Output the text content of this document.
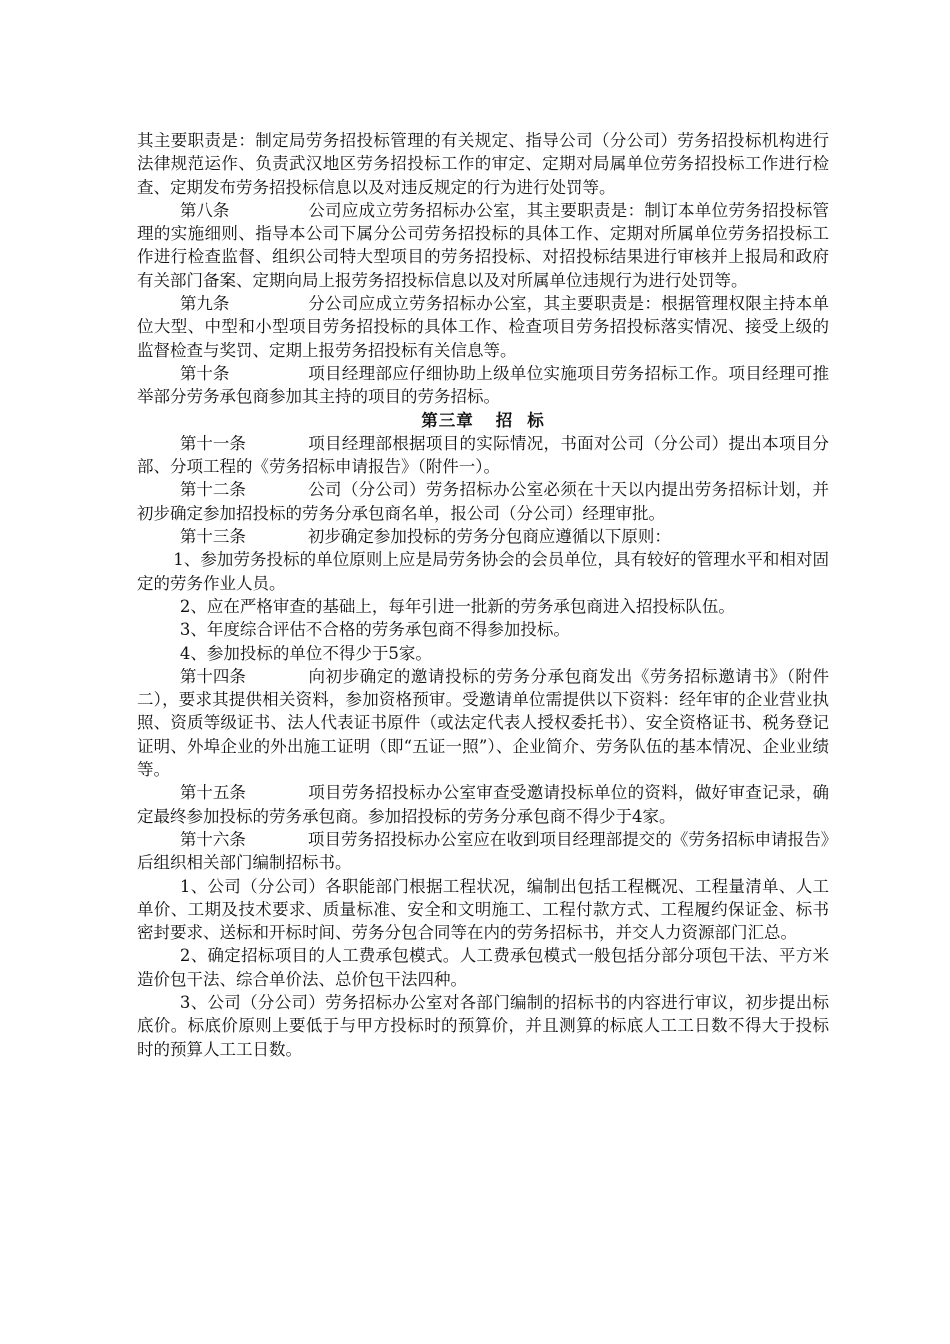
其主要职责是：制定局劳务招投标管理的有关规定、指导公司（分公司）劳务招投标机构进行法律规范运作、负责武汉地区劳务招投标工作的审定、定期对局属单位劳务招投标工作进行检查、定期发布劳务招投标信息以及对违反规定的行为进行处罚等。

第八条	公司应成立劳务招标办公室，其主要职责是：制订本单位劳务招投标管理的实施细则、指导本公司下属分公司劳务招投标的具体工作、定期对所属单位劳务招投标工作进行检查监督、组织公司特大型项目的劳务招投标、对招投标结果进行审核并上报局和政府有关部门备案、定期向局上报劳务招投标信息以及对所属单位违规行为进行处罚等。

第九条	分公司应成立劳务招标办公室，其主要职责是：根据管理权限主持本单位大型、中型和小型项目劳务招投标的具体工作、检查项目劳务招投标落实情况、接受上级的监督检查与奖罚、定期上报劳务招投标有关信息等。

第十条	项目经理部应仔细协助上级单位实施项目劳务招标工作。项目经理可推举部分劳务承包商参加其主持的项目的劳务招标。

第三章 招 标

第十一条	项目经理部根据项目的实际情况，书面对公司（分公司）提出本项目分部、分项工程的《劳务招标申请报告》（附件一）。

第十二条	公司（分公司）劳务招标办公室必须在十天以内提出劳务招标计划，并初步确定参加招投标的劳务分承包商名单，报公司（分公司）经理审批。

第十三条	初步确定参加投标的劳务分包商应遵循以下原则：

1、参加劳务投标的单位原则上应是局劳务协会的会员单位，具有较好的管理水平和相对固定的劳务作业人员。

2、应在严格审查的基础上，每年引进一批新的劳务承包商进入招投标队伍。

3、年度综合评估不合格的劳务承包商不得参加投标。

4、参加投标的单位不得少于5家。

第十四条	向初步确定的邀请投标的劳务分承包商发出《劳务招标邀请书》（附件二），要求其提供相关资料，参加资格预审。受邀请单位需提供以下资料：经年审的企业营业执照、资质等级证书、法人代表证书原件（或法定代表人授权委托书）、安全资格证书、税务登记证明、外埠企业的外出施工证明（即“五证一照”）、企业简介、劳务队伍的基本情况、企业业绩等。

第十五条	项目劳务招投标办公室审查受邀请投标单位的资料，做好审查记录，确定最终参加投标的劳务承包商。参加招投标的劳务分承包商不得少于4家。

第十六条	项目劳务招投标办公室应在收到项目经理部提交的《劳务招标申请报告》后组织相关部门编制招标书。

1、公司（分公司）各职能部门根据工程状况，编制出包括工程概况、工程量清单、人工单价、工期及技术要求、质量标准、安全和文明施工、工程付款方式、工程履约保证金、标书密封要求、送标和开标时间、劳务分包合同等在内的劳务招标书，并交人力资源部门汇总。

2、确定招标项目的人工费承包模式。人工费承包模式一般包括分部分项包干法、平方米造价包干法、综合单价法、总价包干法四种。

3、公司（分公司）劳务招标办公室对各部门编制的招标书的内容进行审议，初步提出标底价。标底价原则上要低于与甲方投标时的预算价，并且测算的标底人工工日数不得大于投标时的预算人工工日数。
